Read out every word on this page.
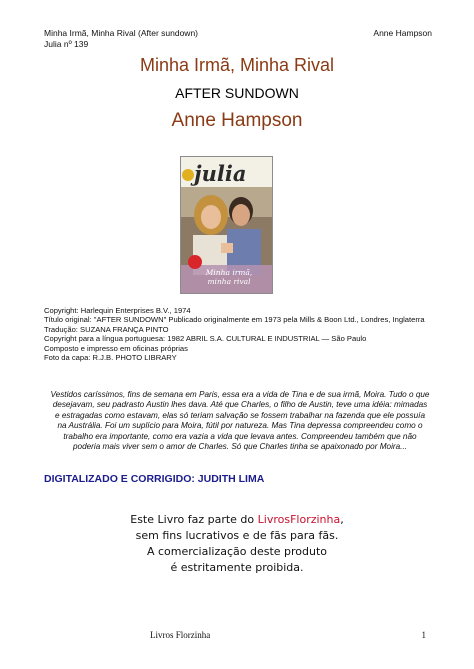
Minha Irmã, Minha Rival (After sundown)
Julia nº 139
Anne Hampson
Minha Irmã, Minha Rival
AFTER SUNDOWN
Anne Hampson
julia
Minha irmã,
minha rival
Copyright: Harlequin Enterprises B.V., 1974
Título original: "AFTER SUNDOWN" Publicado originalmente em 1973 pela Mills & Boon Ltd., Londres, Inglaterra
Tradução: SUZANA FRANÇA PINTO
Copyright para a língua portuguesa: 1982 ABRIL S.A. CULTURAL E INDUSTRIAL — São Paulo
Composto e impresso em oficinas próprias
Foto da capa: R.J.B. PHOTO LIBRARY
Vestidos caríssimos, fins de semana em Paris, essa era a vida de Tina e de sua irmã, Moira. Tudo o que
desejavam, seu padrasto Austin lhes dava. Até que Charles, o filho de Austin, teve uma idéia: mimadas
e estragadas como estavam, elas só teriam salvação se fossem trabalhar na fazenda que ele possuía
na Austrália. Foi um suplício para Moira, fútil por natureza. Mas Tina depressa compreendeu como o
trabalho era importante, como era vazia a vida que levava antes. Compreendeu também que não
poderia mais viver sem o amor de Charles. Só que Charles tinha se apaixonado por Moira...
DIGITALIZADO E CORRIGIDO: JUDITH LIMA
Este Livro faz parte do LivrosFlorzinha,
sem fins lucrativos e de fãs para fãs.
A comercialização deste produto
é estritamente proibida.
Livros Florzinha	1
